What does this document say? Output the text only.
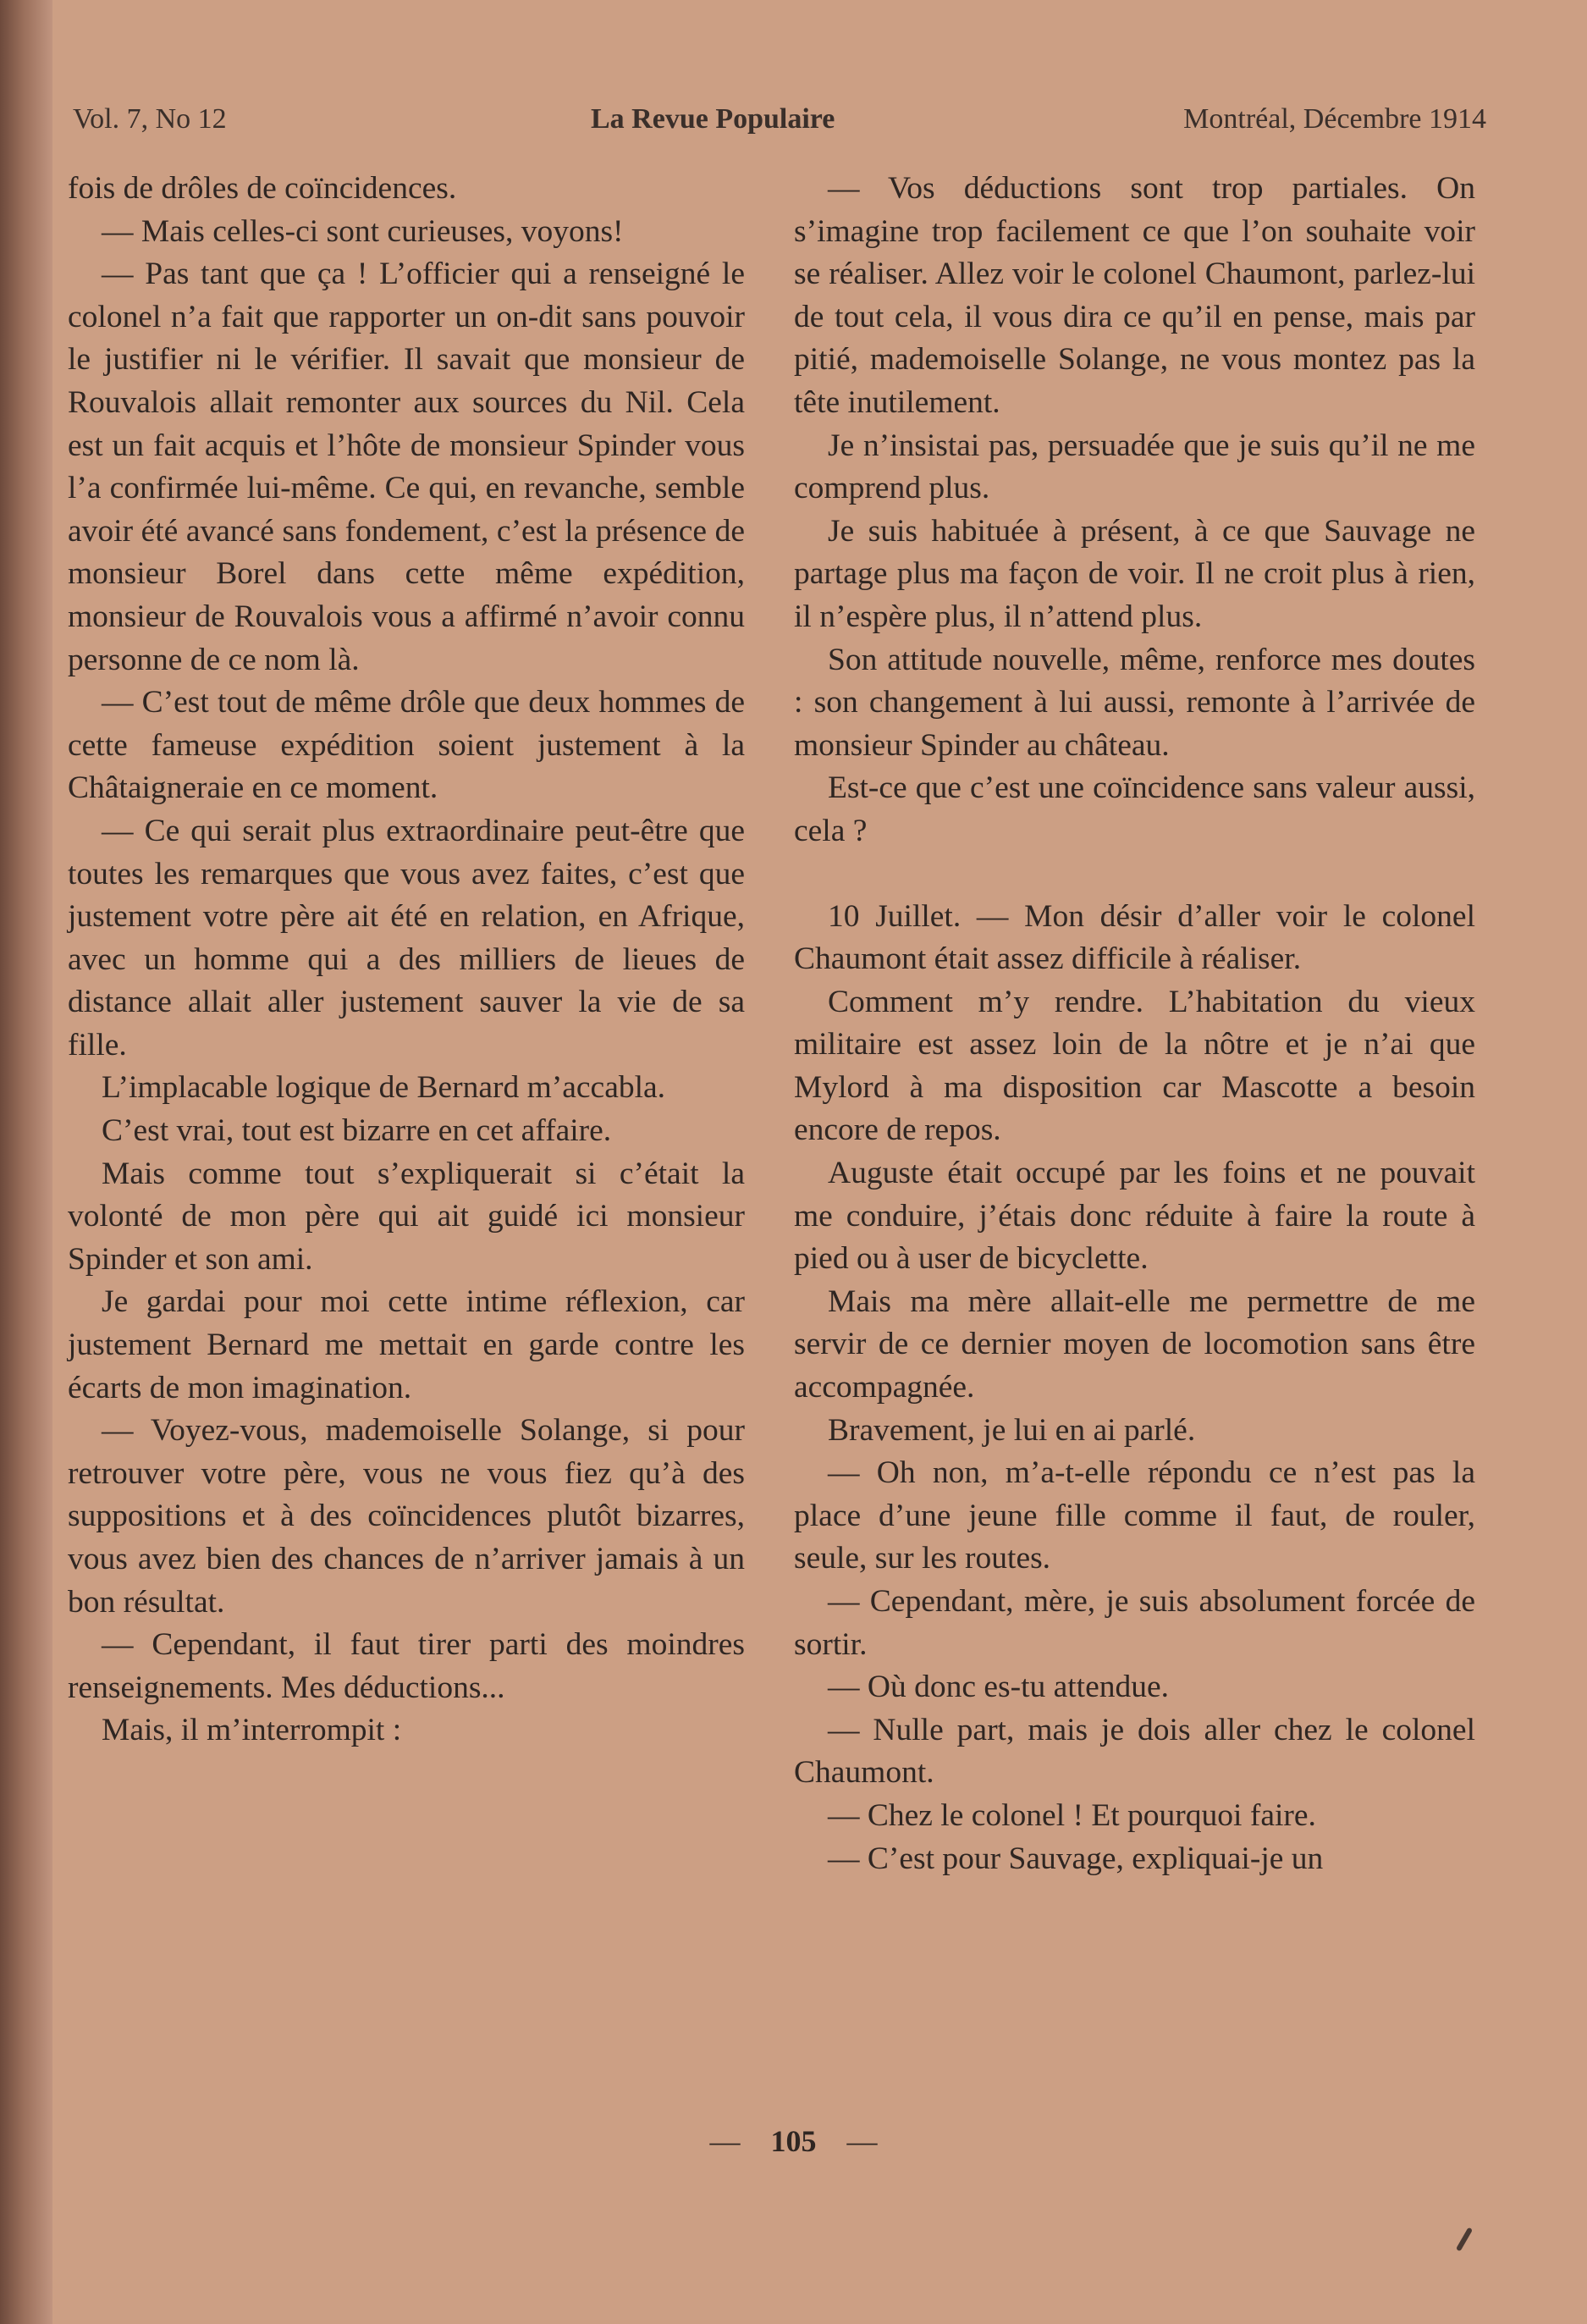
Vol. 7, No 12	La Revue Populaire	Montréal, Décembre 1914

fois de drôles de coïncidences.

— Mais celles-ci sont curieuses, voyons!

— Pas tant que ça ! L’officier qui a renseigné le colonel n’a fait que rapporter un on-dit sans pouvoir le justifier ni le vérifier. Il savait que monsieur de Rouvalois allait remonter aux sources du Nil. Cela est un fait acquis et l’hôte de monsieur Spinder vous l’a confirmée lui-même. Ce qui, en revanche, semble avoir été avancé sans fondement, c’est la présence de monsieur Borel dans cette même expédition, monsieur de Rouvalois vous a affirmé n’avoir connu personne de ce nom là.

— C’est tout de même drôle que deux hommes de cette fameuse expédition soient justement à la Châtaigneraie en ce moment.

— Ce qui serait plus extraordinaire peut-être que toutes les remarques que vous avez faites, c’est que justement votre père ait été en relation, en Afrique, avec un homme qui a des milliers de lieues de distance allait aller justement sauver la vie de sa fille.

L’implacable logique de Bernard m’accabla.

C’est vrai, tout est bizarre en cet affaire.

Mais comme tout s’expliquerait si c’était la volonté de mon père qui ait guidé ici monsieur Spinder et son ami.

Je gardai pour moi cette intime réflexion, car justement Bernard me mettait en garde contre les écarts de mon imagination.

— Voyez-vous, mademoiselle Solange, si pour retrouver votre père, vous ne vous fiez qu’à des suppositions et à des coïncidences plutôt bizarres, vous avez bien des chances de n’arriver jamais à un bon résultat.

— Cependant, il faut tirer parti des moindres renseignements. Mes déductions...

Mais, il m’interrompit :

— Vos déductions sont trop partiales. On s’imagine trop facilement ce que l’on souhaite voir se réaliser. Allez voir le colonel Chaumont, parlez-lui de tout cela, il vous dira ce qu’il en pense, mais par pitié, mademoiselle Solange, ne vous montez pas la tête inutilement.

Je n’insistai pas, persuadée que je suis qu’il ne me comprend plus.

Je suis habituée à présent, à ce que Sauvage ne partage plus ma façon de voir. Il ne croit plus à rien, il n’espère plus, il n’attend plus.

Son attitude nouvelle, même, renforce mes doutes : son changement à lui aussi, remonte à l’arrivée de monsieur Spinder au château.

Est-ce que c’est une coïncidence sans valeur aussi, cela ?

10 Juillet. — Mon désir d’aller voir le colonel Chaumont était assez difficile à réaliser.

Comment m’y rendre. L’habitation du vieux militaire est assez loin de la nôtre et je n’ai que Mylord à ma disposition car Mascotte a besoin encore de repos.

Auguste était occupé par les foins et ne pouvait me conduire, j’étais donc réduite à faire la route à pied ou à user de bicyclette.

Mais ma mère allait-elle me permettre de me servir de ce dernier moyen de locomotion sans être accompagnée.

Bravement, je lui en ai parlé.

— Oh non, m’a-t-elle répondu ce n’est pas la place d’une jeune fille comme il faut, de rouler, seule, sur les routes.

— Cependant, mère, je suis absolument forcée de sortir.

— Où donc es-tu attendue.

— Nulle part, mais je dois aller chez le colonel Chaumont.

— Chez le colonel ! Et pourquoi faire.

— C’est pour Sauvage, expliquai-je un

— 105 —
